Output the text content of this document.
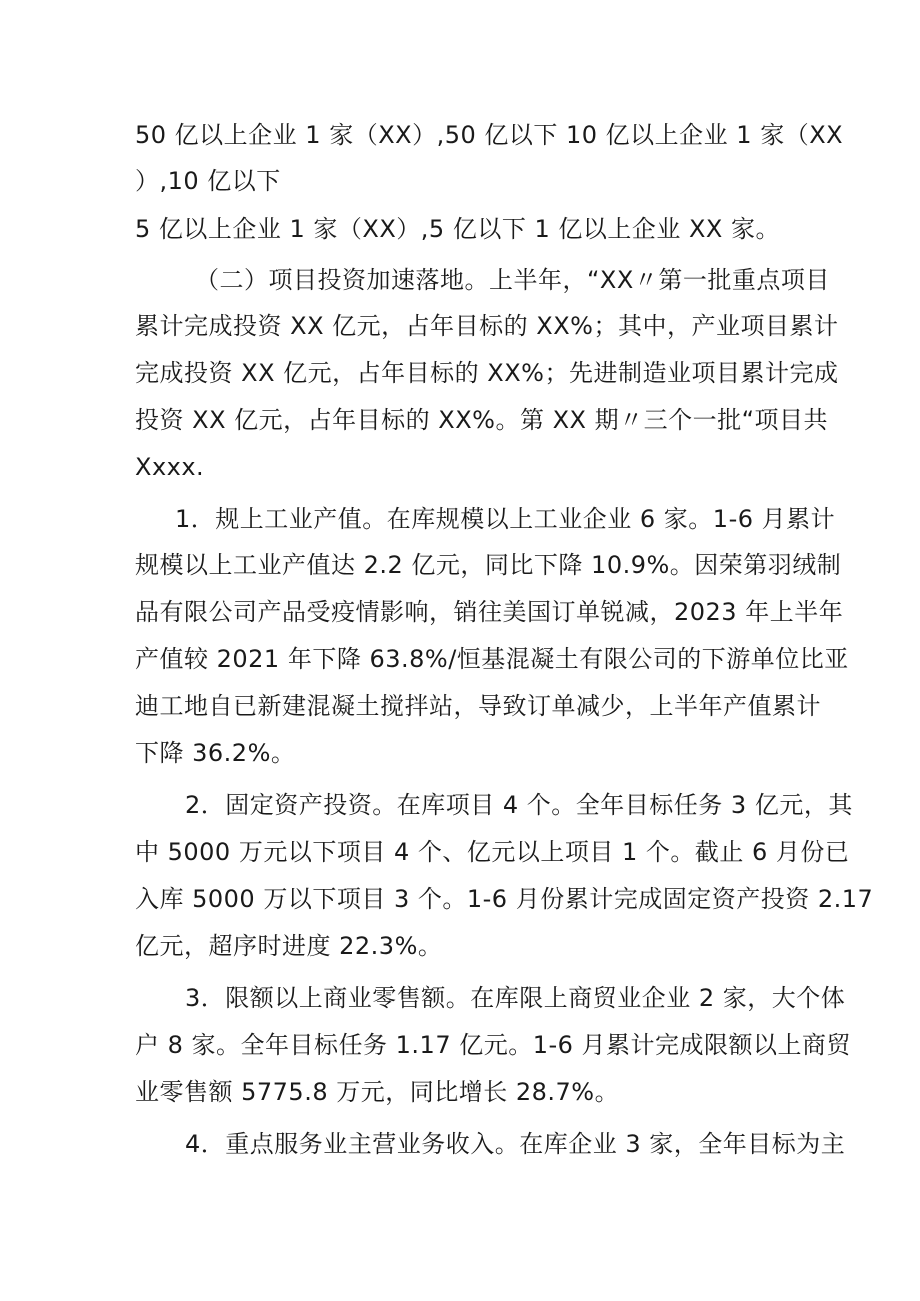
50 亿以上企业 1 家（XX）,50 亿以下 10 亿以上企业 1 家（XX
）,10 亿以下
5 亿以上企业 1 家（XX）,5 亿以下 1 亿以上企业 XX 家。
（二）项目投资加速落地。上半年，“XX〃第一批重点项目
累计完成投资 XX 亿元，占年目标的 XX%；其中，产业项目累计
完成投资 XX 亿元，占年目标的 XX%；先进制造业项目累计完成
投资 XX 亿元，占年目标的 XX%。第 XX 期〃三个一批“项目共
Xxxx.
1．规上工业产值。在库规模以上工业企业 6 家。1-6 月累计
规模以上工业产值达 2.2 亿元，同比下降 10.9%。因荣第羽绒制
品有限公司产品受疫情影响，销往美国订单锐减，2023 年上半年
产值较 2021 年下降 63.8%/恒基混凝土有限公司的下游单位比亚
迪工地自已新建混凝土搅拌站，导致订单减少，上半年产值累计
下降 36.2%。
2．固定资产投资。在库项目 4 个。全年目标任务 3 亿元，其
中 5000 万元以下项目 4 个、亿元以上项目 1 个。截止 6 月份已
入库 5000 万以下项目 3 个。1-6 月份累计完成固定资产投资 2.17
亿元，超序时进度 22.3%。
3．限额以上商业零售额。在库限上商贸业企业 2 家，大个体
户 8 家。全年目标任务 1.17 亿元。1-6 月累计完成限额以上商贸
业零售额 5775.8 万元，同比增长 28.7%。
4．重点服务业主营业务收入。在库企业 3 家，全年目标为主
